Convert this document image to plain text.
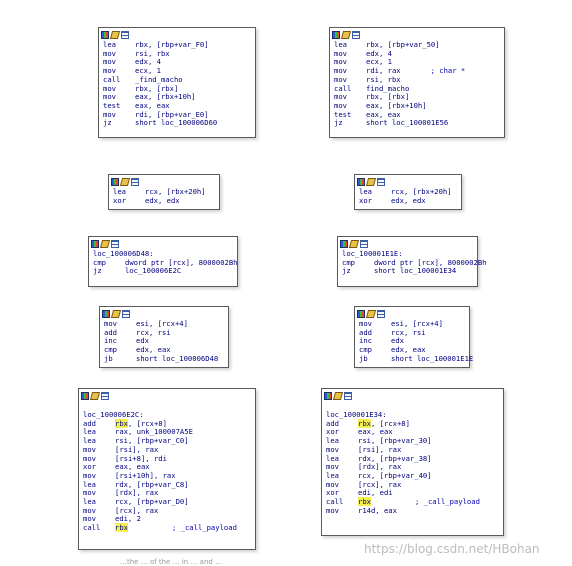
lea	rbx, [rbp+var_F0]
mov	rsi, rbx
mov	edx, 4
mov	ecx, 1
call	_find_macho
mov	rbx, [rbx]
mov	eax, [rbx+10h]
test	eax, eax
mov	rdi, [rbp+var_E0]
jz	short loc_100006D60
lea	rcx, [rbx+20h]
xor	edx, edx
loc_100006D48:
cmp	dword ptr [rcx], 8000002Bh
jz	loc_100006E2C
mov	esi, [rcx+4]
add	rcx, rsi
inc	edx
cmp	edx, eax
jb	short loc_100006D48
loc_100006E2C:
add	rbx, [rcx+8]
lea	rax, unk_100007A5E
lea	rsi, [rbp+var_C0]
mov	[rsi], rax
mov	[rsi+8], rdi
xor	eax, eax
mov	[rsi+10h], rax
lea	rdx, [rbp+var_C8]
mov	[rdx], rax
lea	rcx, [rbp+var_D0]
mov	[rcx], rax
mov	edi, 2
call	rbx	; _call_payload
lea	rbx, [rbp+var_50]
mov	edx, 4
mov	ecx, 1
mov	rdi, rax	; char *
mov	rsi, rbx
call	find_macho
mov	rbx, [rbx]
mov	eax, [rbx+10h]
test	eax, eax
jz	short loc_100001E56
lea	rcx, [rbx+20h]
xor	edx, edx
loc_100001E1E:
cmp	dword ptr [rcx], 8000002Bh
jz	short loc_100001E34
mov	esi, [rcx+4]
add	rcx, rsi
inc	edx
cmp	edx, eax
jb	short loc_100001E1E
loc_100001E34:
add	rbx, [rcx+8]
xor	eax, eax
lea	rsi, [rbp+var_30]
mov	[rsi], rax
lea	rdx, [rbp+var_38]
mov	[rdx], rax
lea	rcx, [rbp+var_40]
mov	[rcx], rax
xor	edi, edi
call	rbx	; _call_payload
mov	r14d, eax
https://blog.csdn.net/HBohan
…the … of the … in … and …
